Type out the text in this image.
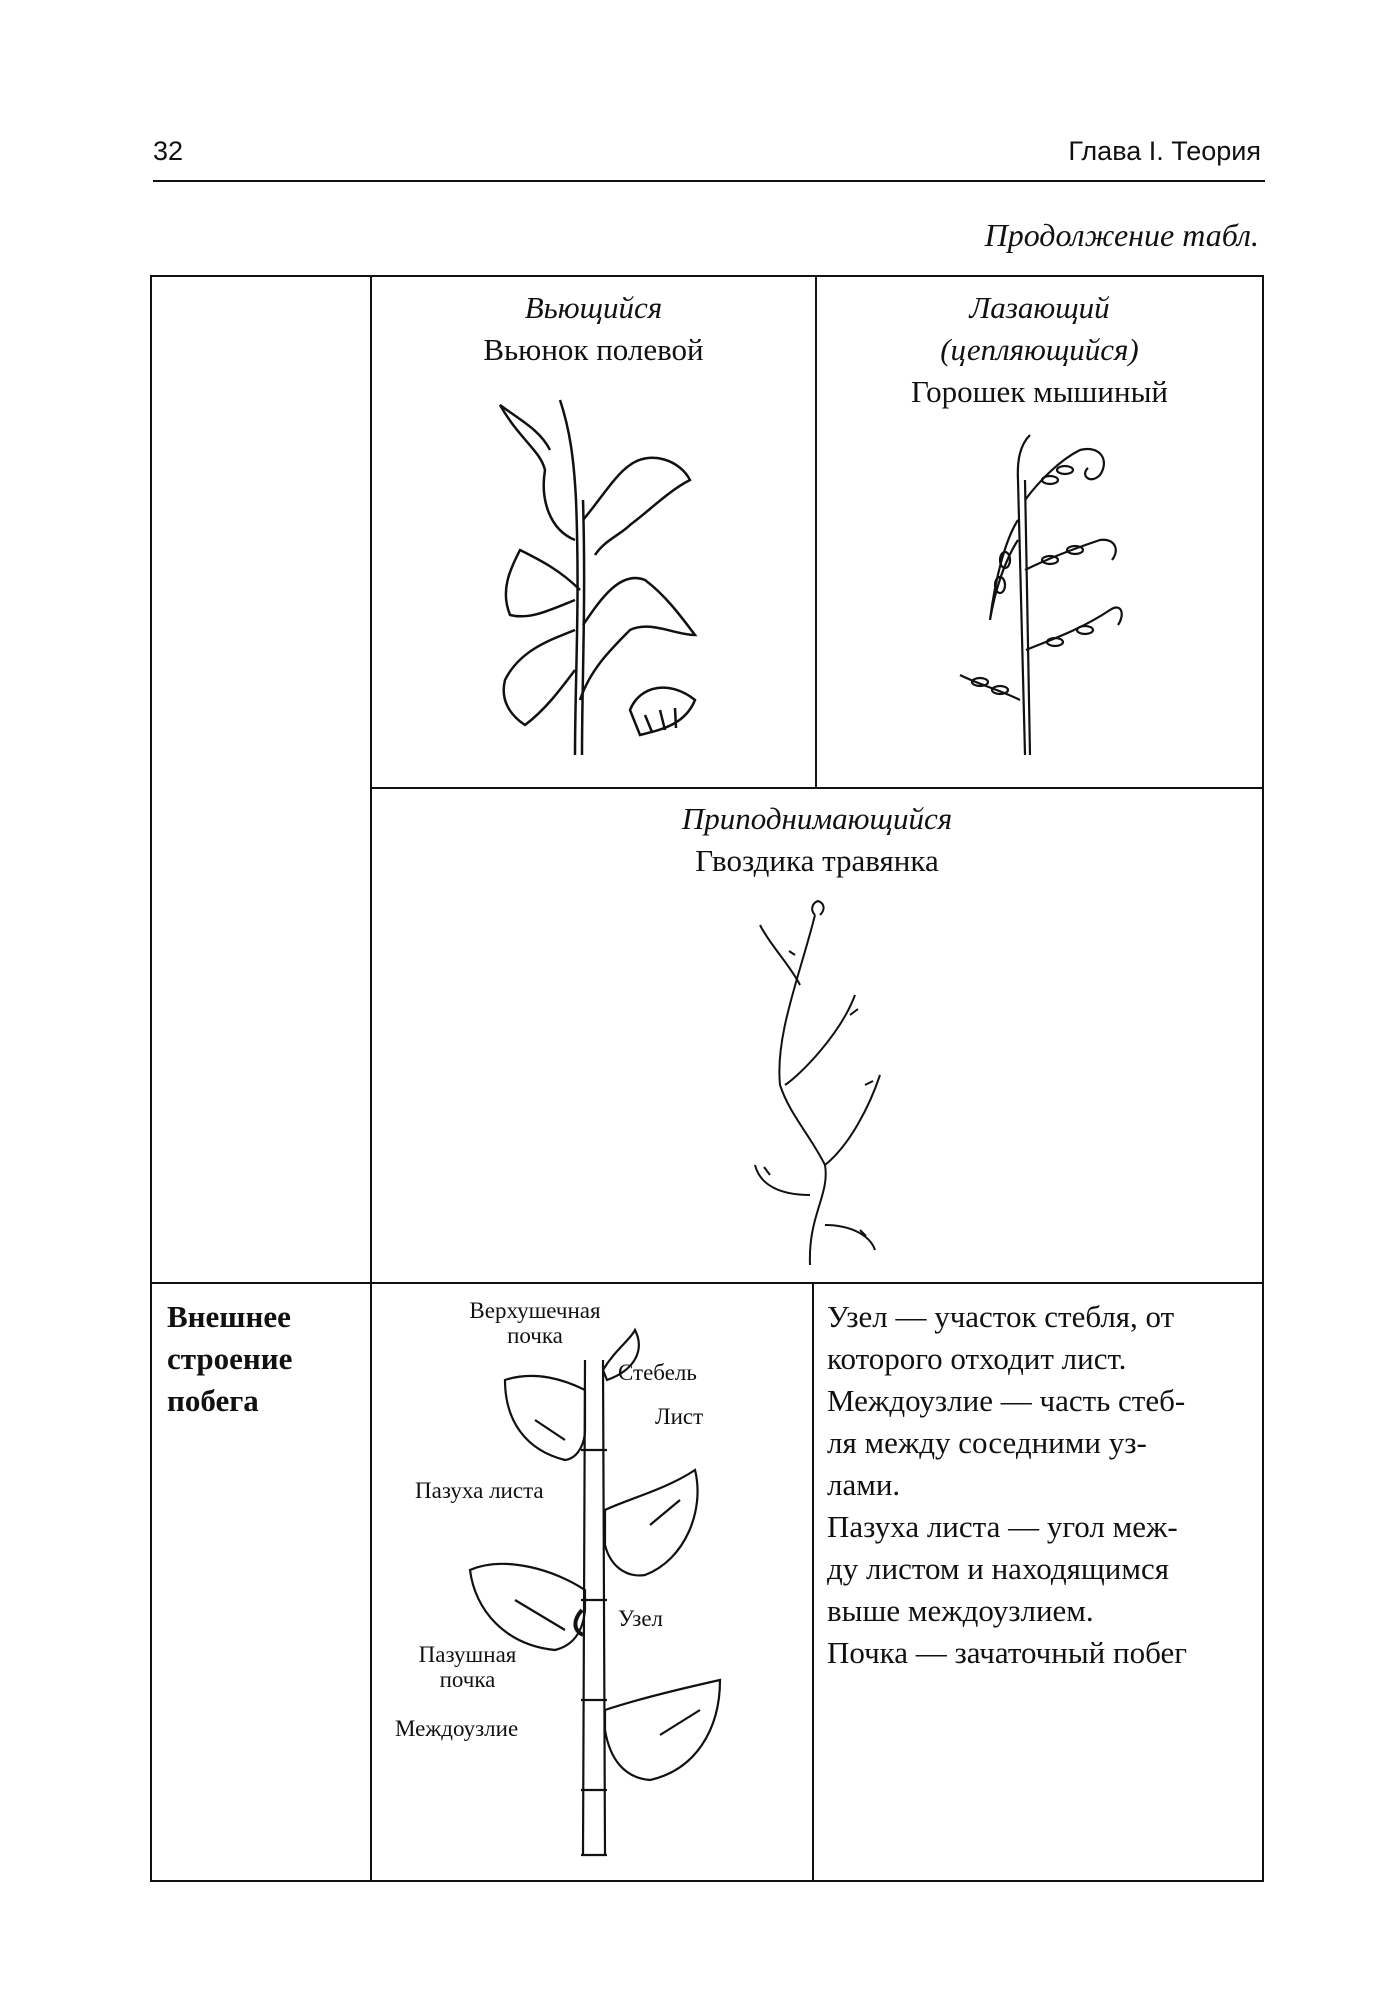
32	Глава I. Теория
Продолжение табл.
Вьющийся
Вьюнок полевой
Лазающий
(цепляющийся)
Горошек мышиный
Приподнимающийся
Гвоздика травянка
Внешнее
строение
побега
Верхушечная
почка
Стебель
Лист
Пазуха листа
Узел
Пазушная
почка
Междоузлие
Узел — участок стебля, от
которого отходит лист.
Междоузлие — часть стеб-
ля между соседними уз-
лами.
Пазуха листа — угол меж-
ду листом и находящимся
выше междоузлием.
Почка — зачаточный побег
